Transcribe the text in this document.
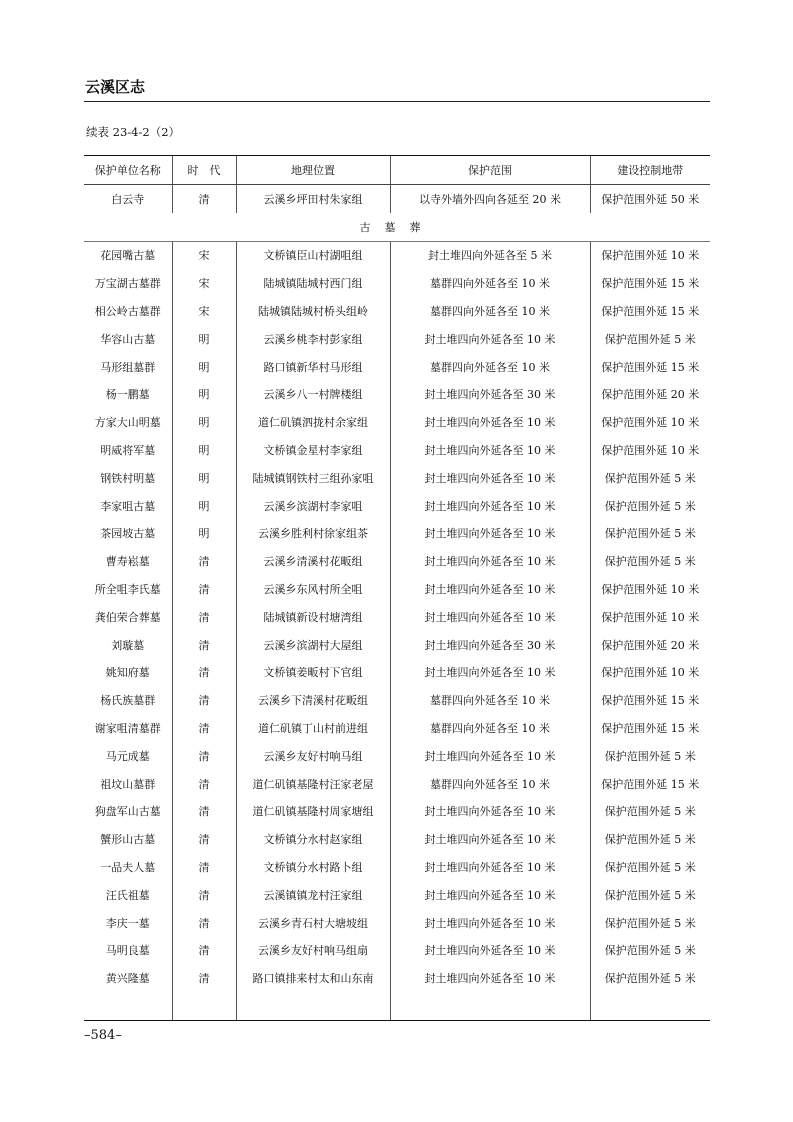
云溪区志
续表 23-4-2（2）
保护单位名称	时　代	地理位置	保护范围	建设控制地带
白云寺	清	云溪乡坪田村朱家组	以寺外墙外四向各延至 20 米	保护范围外延 50 米
古墓葬				
花园嘴古墓	宋	文桥镇臣山村湖咀组	封土堆四向外延各至 5 米	保护范围外延 10 米
万宝湖古墓群	宋	陆城镇陆城村西门组	墓群四向外延各至 10 米	保护范围外延 15 米
相公岭古墓群	宋	陆城镇陆城村桥头组岭	墓群四向外延各至 10 米	保护范围外延 15 米
华容山古墓	明	云溪乡桃李村彭家组	封土堆四向外延各至 10 米	保护范围外延 5 米
马形组墓群	明	路口镇新华村马形组	墓群四向外延各至 10 米	保护范围外延 15 米
杨一鹏墓	明	云溪乡八一村牌楼组	封土堆四向外延各至 30 米	保护范围外延 20 米
方家大山明墓	明	道仁矶镇泗拢村余家组	封土堆四向外延各至 10 米	保护范围外延 10 米
明威将军墓	明	文桥镇金星村李家组	封土堆四向外延各至 10 米	保护范围外延 10 米
钢铁村明墓	明	陆城镇钢铁村三组孙家咀	封土堆四向外延各至 10 米	保护范围外延 5 米
李家咀古墓	明	云溪乡滨湖村李家咀	封土堆四向外延各至 10 米	保护范围外延 5 米
茶园坡古墓	明	云溪乡胜利村徐家组茶	封土堆四向外延各至 10 米	保护范围外延 5 米
曹寿崧墓	清	云溪乡清溪村花畈组	封土堆四向外延各至 10 米	保护范围外延 5 米
所全咀李氏墓	清	云溪乡东风村所全咀	封土堆四向外延各至 10 米	保护范围外延 10 米
龚伯荣合葬墓	清	陆城镇新设村塘湾组	封土堆四向外延各至 10 米	保护范围外延 10 米
刘璇墓	清	云溪乡滨湖村大屋组	封土堆四向外延各至 30 米	保护范围外延 20 米
姚知府墓	清	文桥镇姜畈村下官组	封土堆四向外延各至 10 米	保护范围外延 10 米
杨氏族墓群	清	云溪乡下清溪村花畈组	墓群四向外延各至 10 米	保护范围外延 15 米
谢家咀清墓群	清	道仁矶镇丁山村前进组	墓群四向外延各至 10 米	保护范围外延 15 米
马元成墓	清	云溪乡友好村响马组	封土堆四向外延各至 10 米	保护范围外延 5 米
祖坟山墓群	清	道仁矶镇基隆村汪家老屋	墓群四向外延各至 10 米	保护范围外延 15 米
狗盘军山古墓	清	道仁矶镇基隆村周家塘组	封土堆四向外延各至 10 米	保护范围外延 5 米
蟹形山古墓	清	文桥镇分水村赵家组	封土堆四向外延各至 10 米	保护范围外延 5 米
一品夫人墓	清	文桥镇分水村路卜组	封土堆四向外延各至 10 米	保护范围外延 5 米
汪氏祖墓	清	云溪镇镇龙村汪家组	封土堆四向外延各至 10 米	保护范围外延 5 米
李庆一墓	清	云溪乡青石村大塘坡组	封土堆四向外延各至 10 米	保护范围外延 5 米
马明良墓	清	云溪乡友好村响马组扇	封土堆四向外延各至 10 米	保护范围外延 5 米
黄兴隆墓	清	路口镇排来村太和山东南	封土堆四向外延各至 10 米	保护范围外延 5 米

–584–
